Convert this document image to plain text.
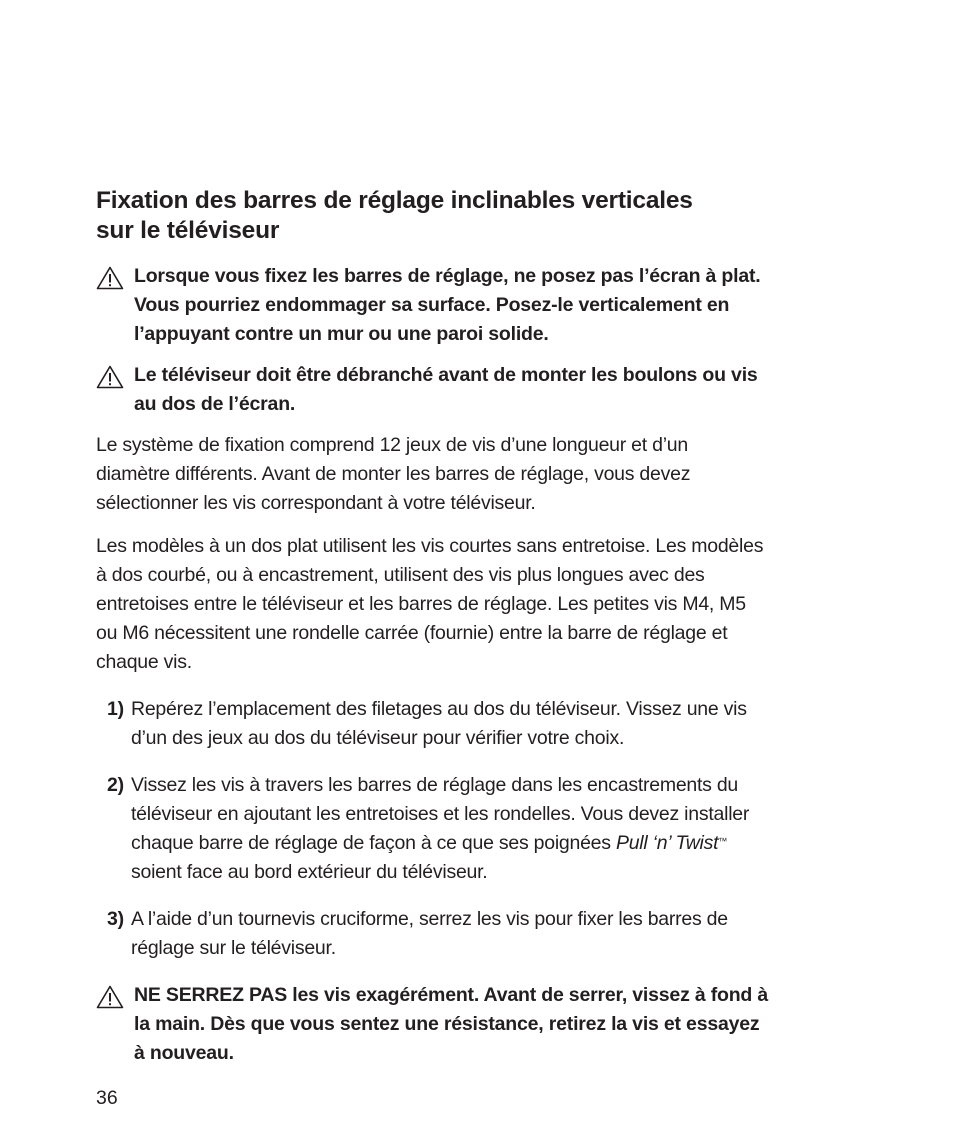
Fixation des barres de réglage inclinables verticales
sur le téléviseur
Lorsque vous fixez les barres de réglage, ne posez pas l’écran à plat.
Vous pourriez endommager sa surface. Posez-le verticalement en
l’appuyant contre un mur ou une paroi solide.
Le téléviseur doit être débranché avant de monter les boulons ou vis
au dos de l’écran.
Le système de fixation comprend 12 jeux de vis d’une longueur et d’un
diamètre différents. Avant de monter les barres de réglage, vous devez
sélectionner les vis correspondant à votre téléviseur.
Les modèles à un dos plat utilisent les vis courtes sans entretoise. Les modèles
à dos courbé, ou à encastrement, utilisent des vis plus longues avec des
entretoises entre le téléviseur et les barres de réglage. Les petites vis M4, M5
ou M6 nécessitent une rondelle carrée (fournie) entre la barre de réglage et
chaque vis.
1) Repérez l’emplacement des filetages au dos du téléviseur. Vissez une vis
d’un des jeux au dos du téléviseur pour vérifier votre choix.
2) Vissez les vis à travers les barres de réglage dans les encastrements du
téléviseur en ajoutant les entretoises et les rondelles. Vous devez installer
chaque barre de réglage de façon à ce que ses poignées Pull ‘n’ Twist™
soient face au bord extérieur du téléviseur.
3) A l’aide d’un tournevis cruciforme, serrez les vis pour fixer les barres de
réglage sur le téléviseur.
NE SERREZ PAS les vis exagérément. Avant de serrer, vissez à fond à
la main. Dès que vous sentez une résistance, retirez la vis et essayez
à nouveau.
36
